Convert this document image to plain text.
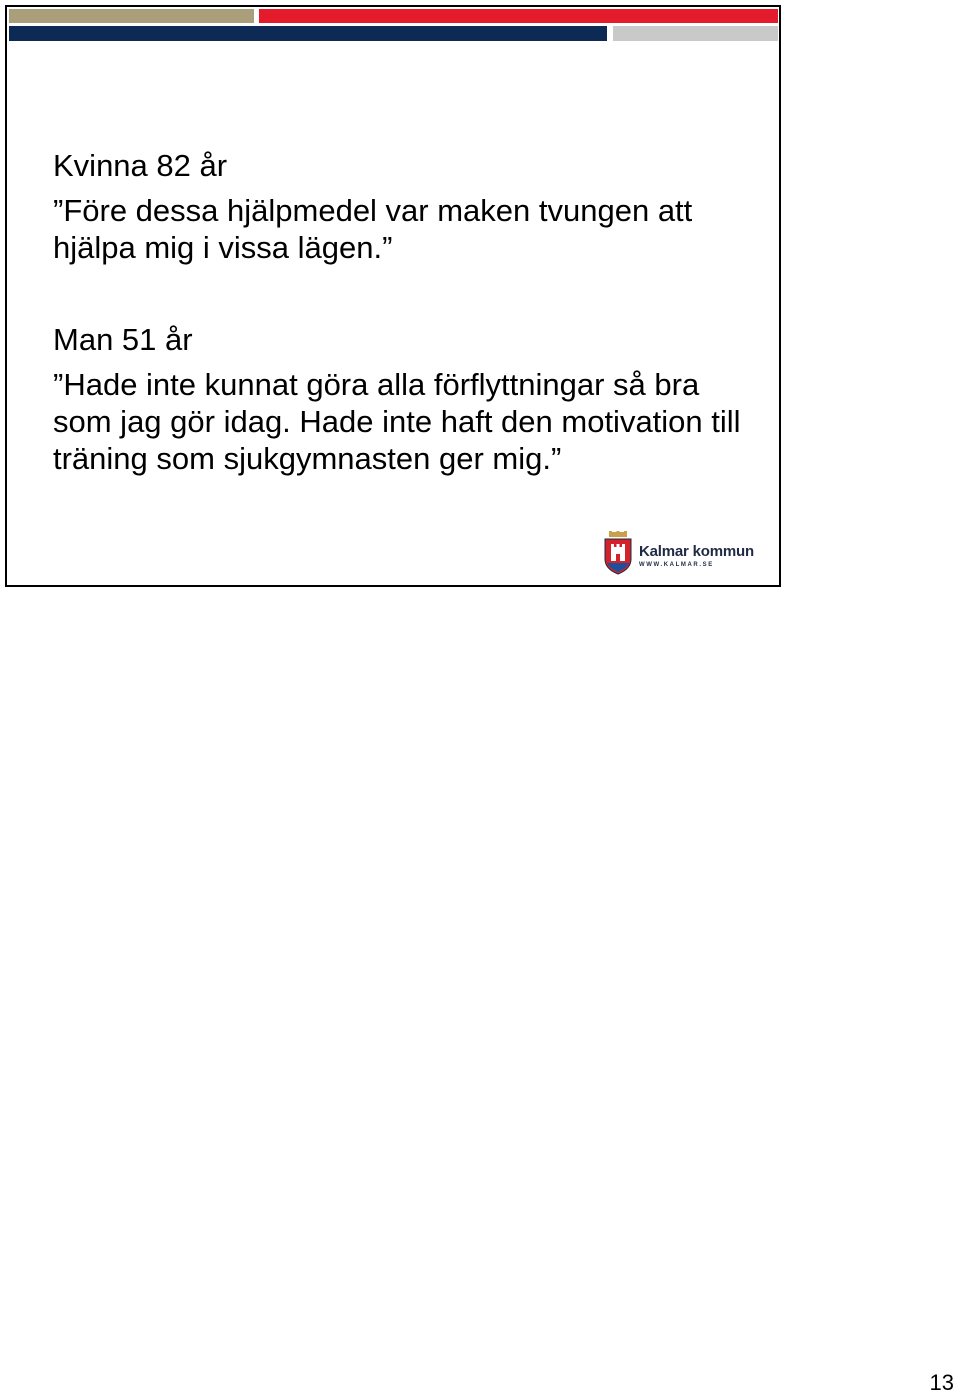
Kvinna 82 år
”Före dessa hjälpmedel var maken tvungen att hjälpa mig i vissa lägen.”
Man 51 år
”Hade inte kunnat göra alla förflyttningar så bra som jag gör idag. Hade inte haft den motivation till träning som sjukgymnasten ger mig.”
Kalmar kommun
WWW.KALMAR.SE
13
